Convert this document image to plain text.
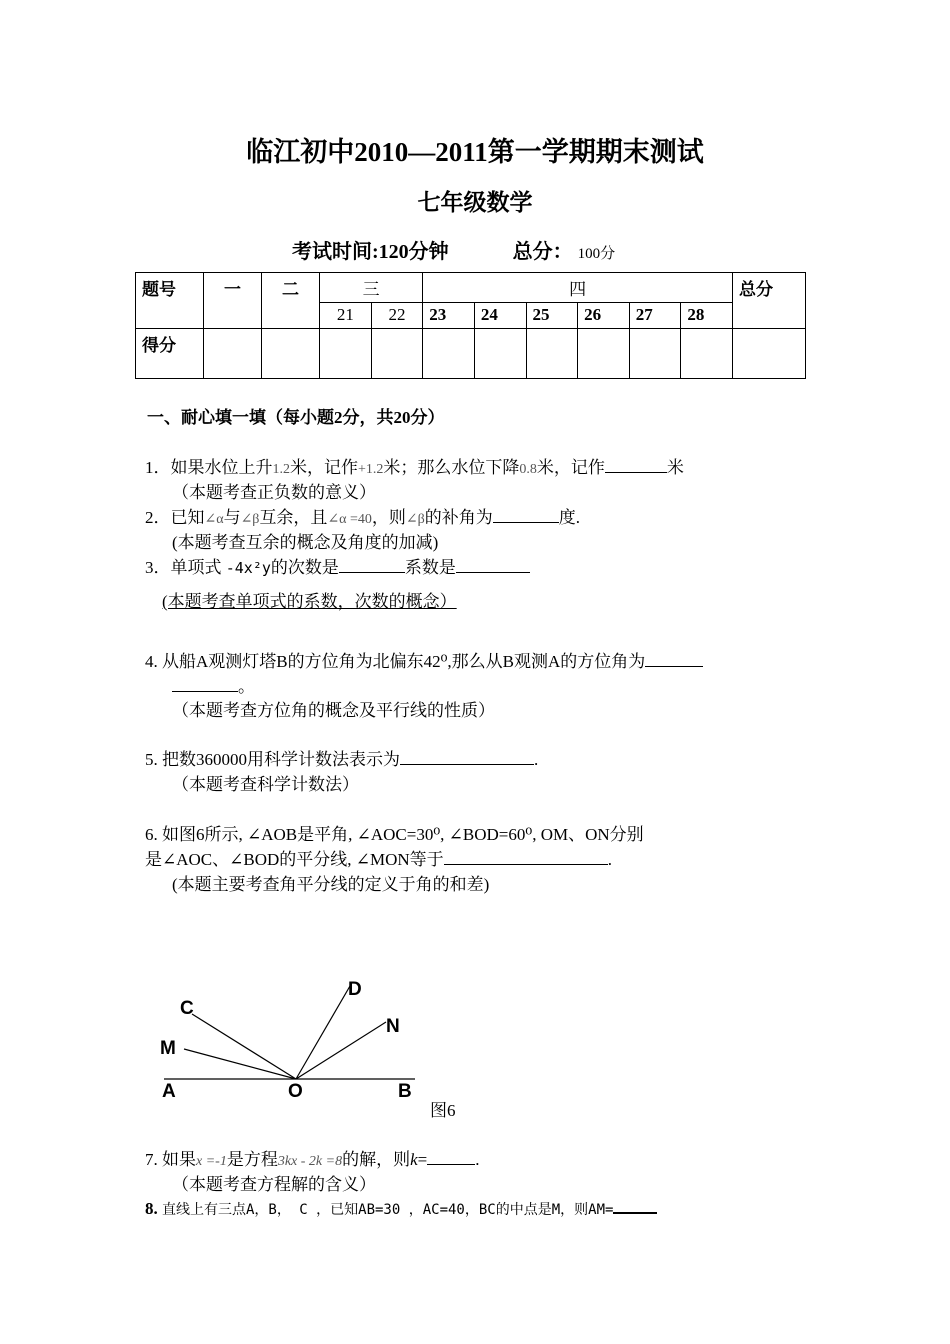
临江初中2010—2011第一学期期末测试
七年级数学
考试时间:120分钟	总分： 100分
题号	一	二	三		四						总分
			21	22	23	24	25	26	27	28	
得分											
一、耐心填一填（每小题2分，共20分）
1．如果水位上升1.2米，记作+1.2米；那么水位下降0.8米，记作	米
（本题考查正负数的意义）
2．已知∠α与∠β互余，且∠α =40，则∠β的补角为	度.
(本题考查互余的概念及角度的加减)
3．单项式 -4x²y的次数是	系数是
(本题考查单项式的系数，次数的概念）
4. 从船A观测灯塔B的方位角为北偏东42⁰,那么从B观测A的方位角为
。
（本题考查方位角的概念及平行线的性质）
5. 把数360000用科学计数法表示为	.
（本题考查科学计数法）
6. 如图6所示, ∠AOB是平角, ∠AOC=30⁰, ∠BOD=60⁰, OM、ON分别
是∠AOC、∠BOD的平分线, ∠MON等于	.
(本题主要考查角平分线的定义于角的和差)
C
M
A	O	B
D
N
图6
7. 如果x =-1是方程3kx - 2k =8的解，则k=	.
（本题考查方程解的含义）
8. 直线上有三点A，B， C ，已知AB=30 ，AC=40，BC的中点是M，则AM=
